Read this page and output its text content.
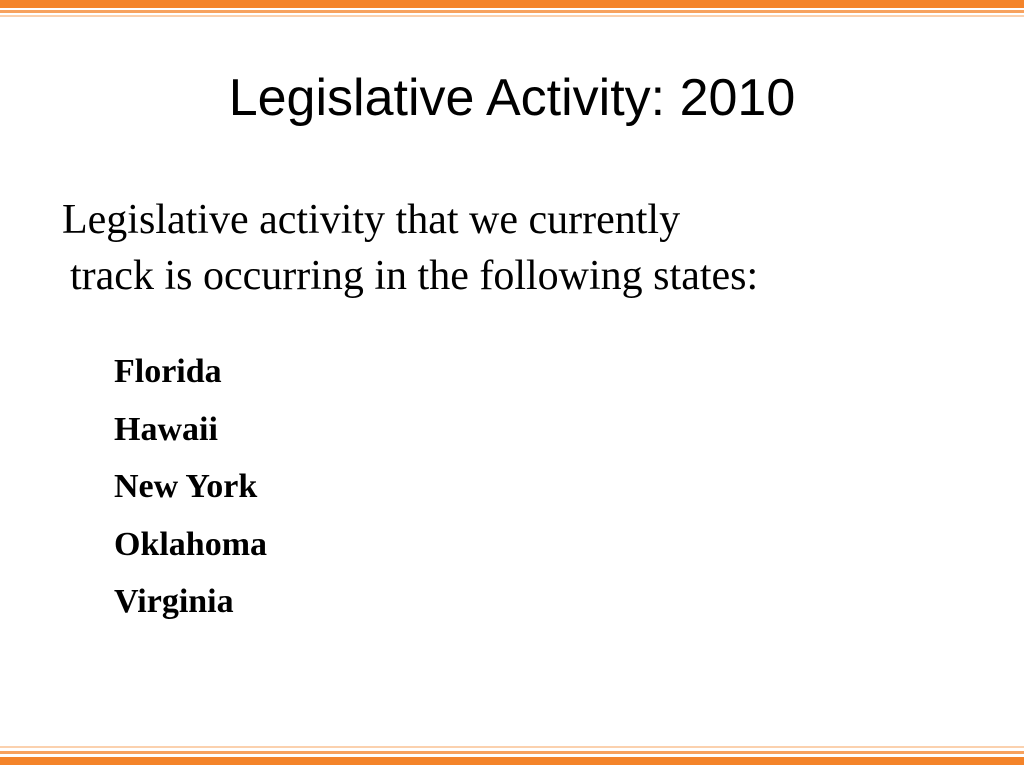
Legislative Activity: 2010
Legislative activity that we currently
track is occurring in the following states:
Florida
Hawaii
New York
Oklahoma
Virginia
